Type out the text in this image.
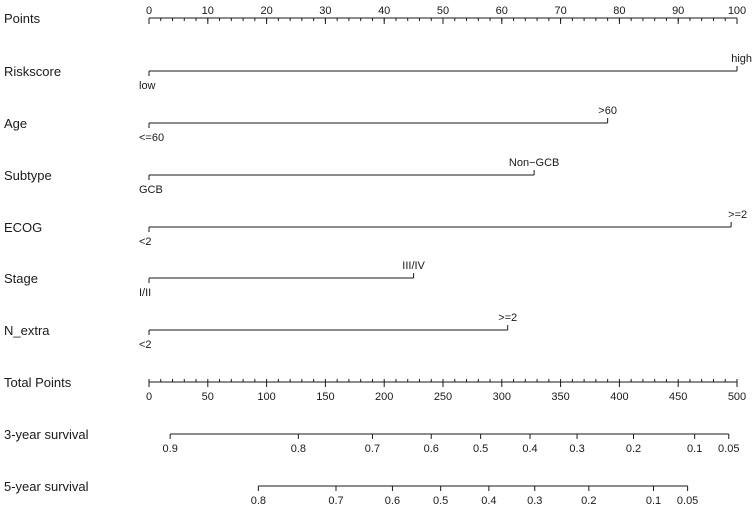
Points	0	10	20	30	40	50	60	70	80	90	100
Riskscore
low
high
Age
<=60
>60
Subtype
GCB
Non−GCB
ECOG
<2
>=2
Stage
I/II
III/IV
N_extra
<2
>=2
Total Points
0	50	100	150	200	250	300	350	400	450	500
3-year survival
0.9	0.8	0.7	0.6	0.5	0.4	0.3	0.2	0.1 0.05
5-year survival
0.8	0.7	0.6	0.5	0.4	0.3	0.2	0.1 0.05
